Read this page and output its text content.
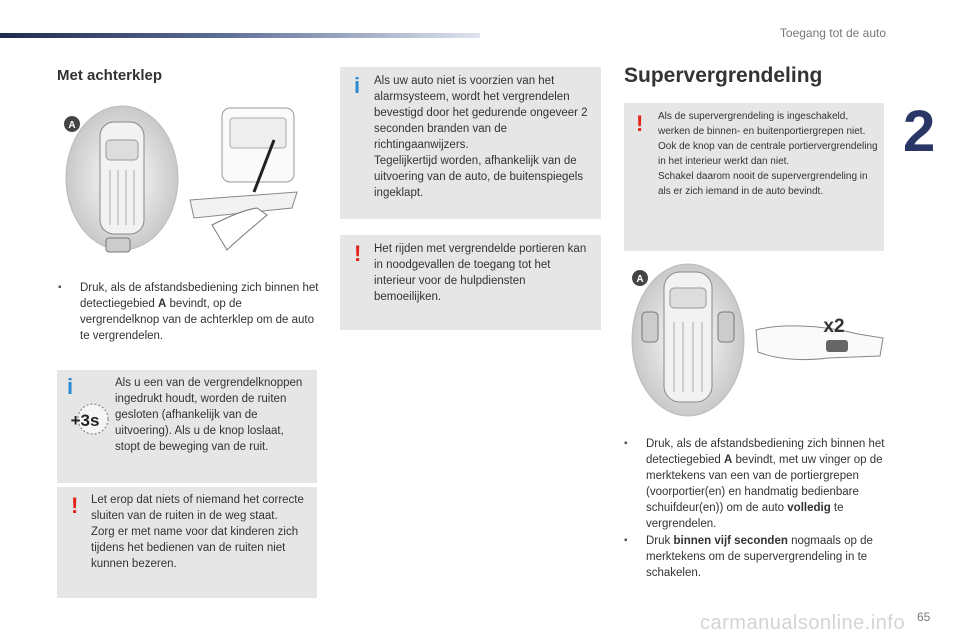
Toegang tot de auto
2
Met achterklep
A
▪ Druk, als de afstandsbediening zich binnen het detectiegebied A bevindt, op de vergrendelknop van de achterklep om de auto te vergrendelen.
i
+3s
Als u een van de vergrendelknoppen ingedrukt houdt, worden de ruiten gesloten (afhankelijk van de uitvoering). Als u de knop loslaat, stopt de beweging van de ruit.
! Let erop dat niets of niemand het correcte sluiten van de ruiten in de weg staat.

Zorg er met name voor dat kinderen zich tijdens het bedienen van de ruiten niet kunnen bezeren.

i Als uw auto niet is voorzien van het alarmsysteem, wordt het vergrendelen bevestigd door het gedurende ongeveer 2 seconden branden van de richtingaanwijzers.

Tegelijkertijd worden, afhankelijk van de uitvoering van de auto, de buitenspiegels ingeklapt.

! Het rijden met vergrendelde portieren kan in noodgevallen de toegang tot het interieur voor de hulpdiensten bemoeilijken.
Supervergrendeling
! Als de supervergrendeling is ingeschakeld, werken de binnen- en buitenportiergrepen niet.

Ook de knop van de centrale portiervergrendeling in het interieur werkt dan niet.

Schakel daarom nooit de supervergrendeling in als er zich iemand in de auto bevindt.

A
x2
▪ Druk, als de afstandsbediening zich binnen het detectiegebied A bevindt, met uw vinger op de merktekens van een van de portiergrepen (voorportier(en) en handmatig bedienbare schuifdeur(en)) om de auto volledig te vergrendelen.
▪ Druk binnen vijf seconden nogmaals op de merktekens om de supervergrendeling in te schakelen.
carmanualsonline.info 65
